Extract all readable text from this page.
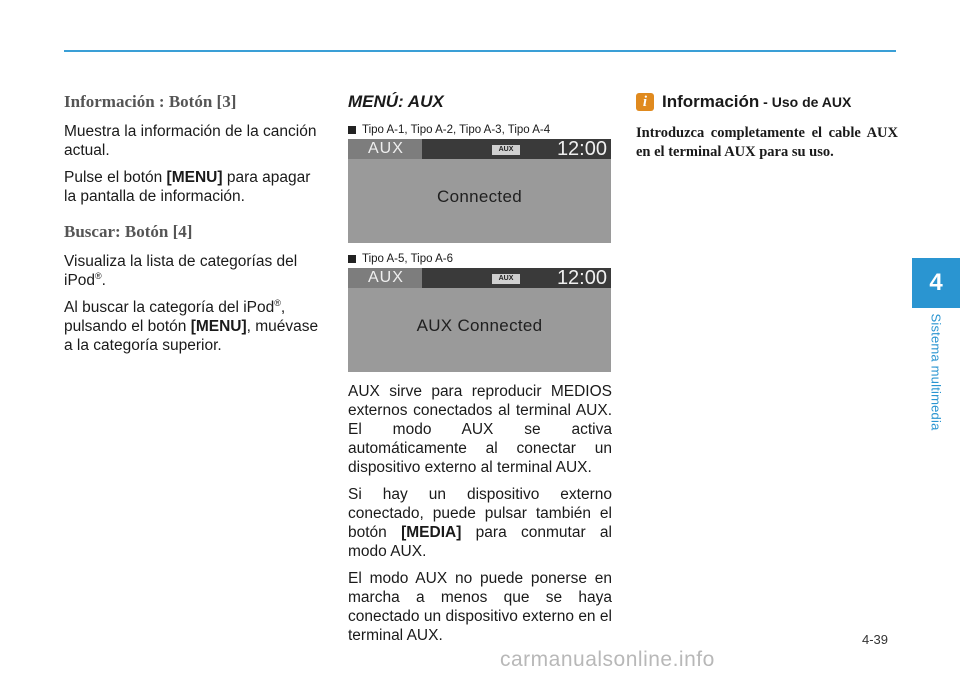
4
Sistema multimedia
Información : Botón [3]

Muestra la información de la canción actual.

Pulse el botón [MENU] para apagar la pantalla de información.

Buscar: Botón [4]

Visualiza la lista de categorías del iPod®.

Al buscar la categoría del iPod®, pulsando el botón [MENU], muévase a la categoría superior.

MENÚ: AUX
Tipo A-1, Tipo A-2, Tipo A-3, Tipo A-4
AUX	AUX	12:00
Connected
Tipo A-5, Tipo A-6
AUX	AUX	12:00
AUX Connected

AUX sirve para reproducir MEDIOS externos conectados al terminal AUX. El modo AUX se activa automáticamente al conectar un dispositivo externo al terminal AUX.

Si hay un dispositivo externo conectado, puede pulsar también el botón [MEDIA] para conmutar al modo AUX.

El modo AUX no puede ponerse en marcha a menos que se haya conectado un dispositivo externo en el terminal AUX.

i Información - Uso de AUX

Introduzca completamente el cable AUX en el terminal AUX para su uso.

4-39
carmanualsonline.info
